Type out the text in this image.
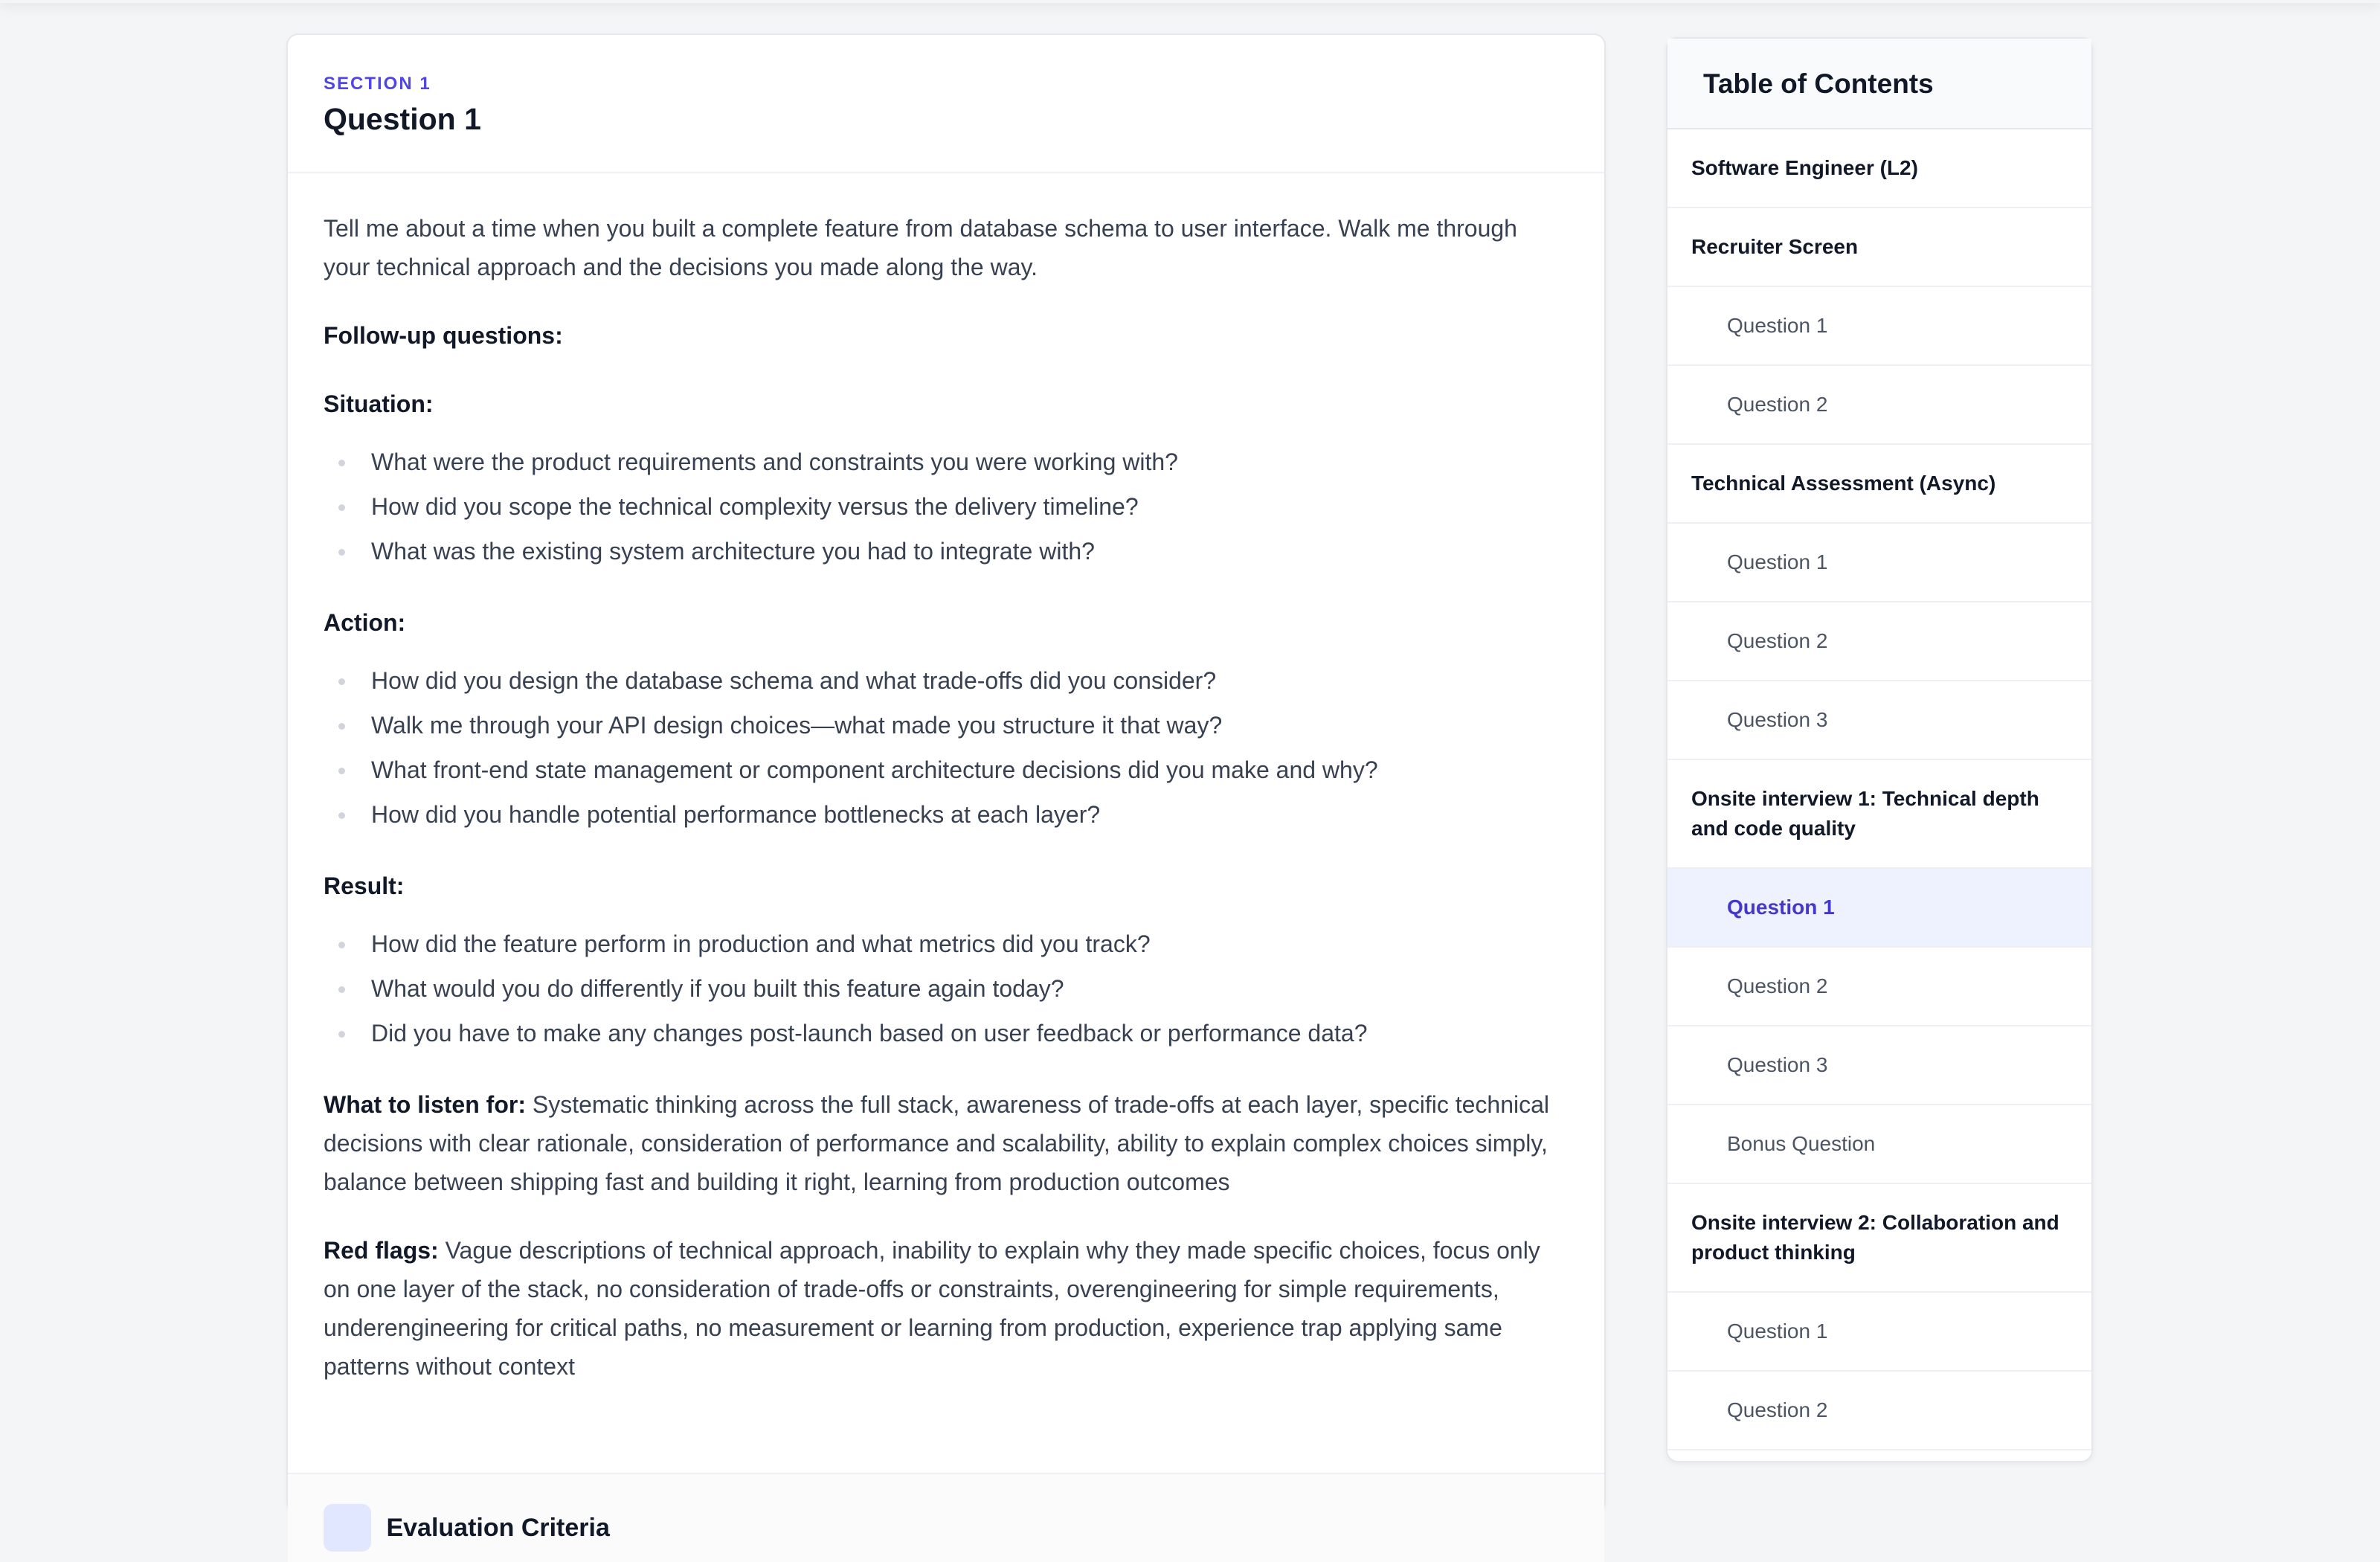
SECTION 1
Question 1

Tell me about a time when you built a complete feature from database schema to user interface. Walk me through your technical approach and the decisions you made along the way.

Follow-up questions:
Situation:
What were the product requirements and constraints you were working with?
How did you scope the technical complexity versus the delivery timeline?
What was the existing system architecture you had to integrate with?
Action:
How did you design the database schema and what trade-offs did you consider?
Walk me through your API design choices—what made you structure it that way?
What front-end state management or component architecture decisions did you make and why?
How did you handle potential performance bottlenecks at each layer?
Result:
How did the feature perform in production and what metrics did you track?
What would you do differently if you built this feature again today?
Did you have to make any changes post-launch based on user feedback or performance data?

What to listen for: Systematic thinking across the full stack, awareness of trade-offs at each layer, specific technical decisions with clear rationale, consideration of performance and scalability, ability to explain complex choices simply, balance between shipping fast and building it right, learning from production outcomes

Red flags: Vague descriptions of technical approach, inability to explain why they made specific choices, focus only on one layer of the stack, no consideration of trade-offs or constraints, overengineering for simple requirements, underengineering for critical paths, no measurement or learning from production, experience trap applying same patterns without context

Evaluation Criteria
Table of Contents
Software Engineer (L2)
Recruiter Screen
Question 1
Question 2
Technical Assessment (Async)
Question 1
Question 2
Question 3
Onsite interview 1: Technical depth and code quality
Question 1
Question 2
Question 3
Bonus Question
Onsite interview 2: Collaboration and product thinking
Question 1
Question 2
